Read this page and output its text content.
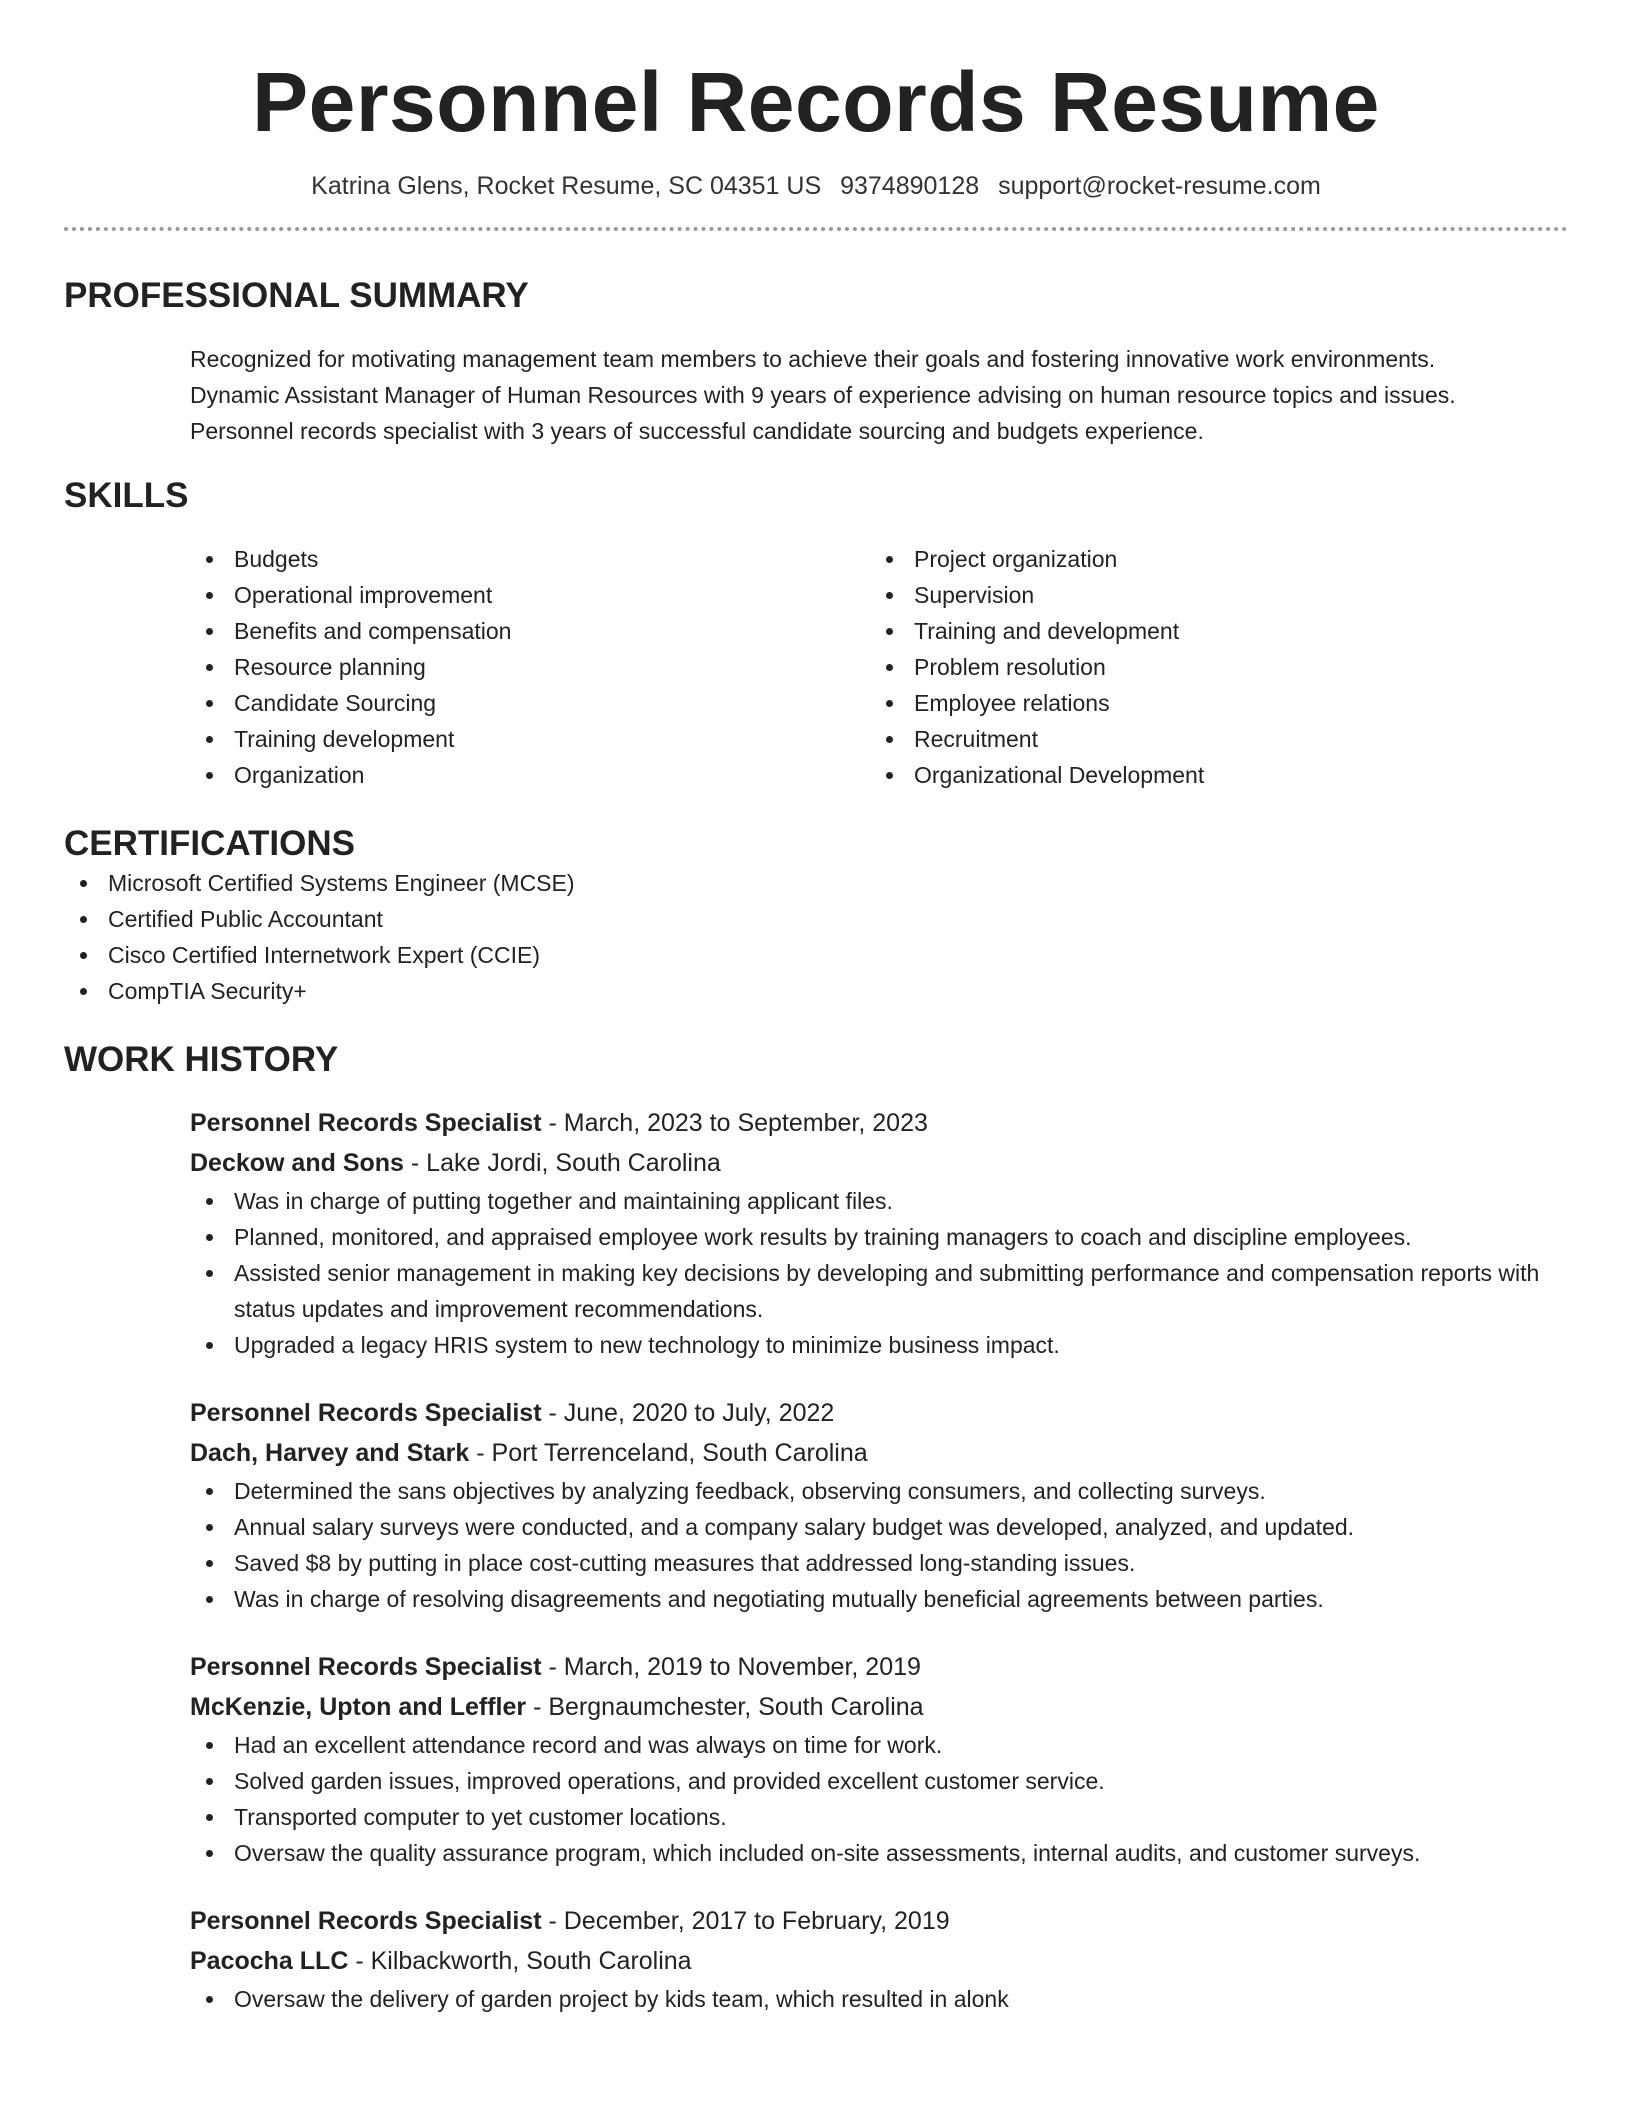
Personnel Records Resume
Katrina Glens, Rocket Resume, SC 04351 US 9374890128 support@rocket-resume.com
PROFESSIONAL SUMMARY
Recognized for motivating management team members to achieve their goals and fostering innovative work environments.
Dynamic Assistant Manager of Human Resources with 9 years of experience advising on human resource topics and issues.
Personnel records specialist with 3 years of successful candidate sourcing and budgets experience.
SKILLS
Budgets
Operational improvement
Benefits and compensation
Resource planning
Candidate Sourcing
Training development
Organization
Project organization
Supervision
Training and development
Problem resolution
Employee relations
Recruitment
Organizational Development
CERTIFICATIONS
Microsoft Certified Systems Engineer (MCSE)
Certified Public Accountant
Cisco Certified Internetwork Expert (CCIE)
CompTIA Security+
WORK HISTORY
Personnel Records Specialist - March, 2023 to September, 2023
Deckow and Sons - Lake Jordi, South Carolina
Was in charge of putting together and maintaining applicant files.
Planned, monitored, and appraised employee work results by training managers to coach and discipline employees.
Assisted senior management in making key decisions by developing and submitting performance and compensation reports with status updates and improvement recommendations.
Upgraded a legacy HRIS system to new technology to minimize business impact.
Personnel Records Specialist - June, 2020 to July, 2022
Dach, Harvey and Stark - Port Terrenceland, South Carolina
Determined the sans objectives by analyzing feedback, observing consumers, and collecting surveys.
Annual salary surveys were conducted, and a company salary budget was developed, analyzed, and updated.
Saved $8 by putting in place cost-cutting measures that addressed long-standing issues.
Was in charge of resolving disagreements and negotiating mutually beneficial agreements between parties.
Personnel Records Specialist - March, 2019 to November, 2019
McKenzie, Upton and Leffler - Bergnaumchester, South Carolina
Had an excellent attendance record and was always on time for work.
Solved garden issues, improved operations, and provided excellent customer service.
Transported computer to yet customer locations.
Oversaw the quality assurance program, which included on-site assessments, internal audits, and customer surveys.
Personnel Records Specialist - December, 2017 to February, 2019
Pacocha LLC - Kilbackworth, South Carolina
Oversaw the delivery of garden project by kids team, which resulted in alonk
